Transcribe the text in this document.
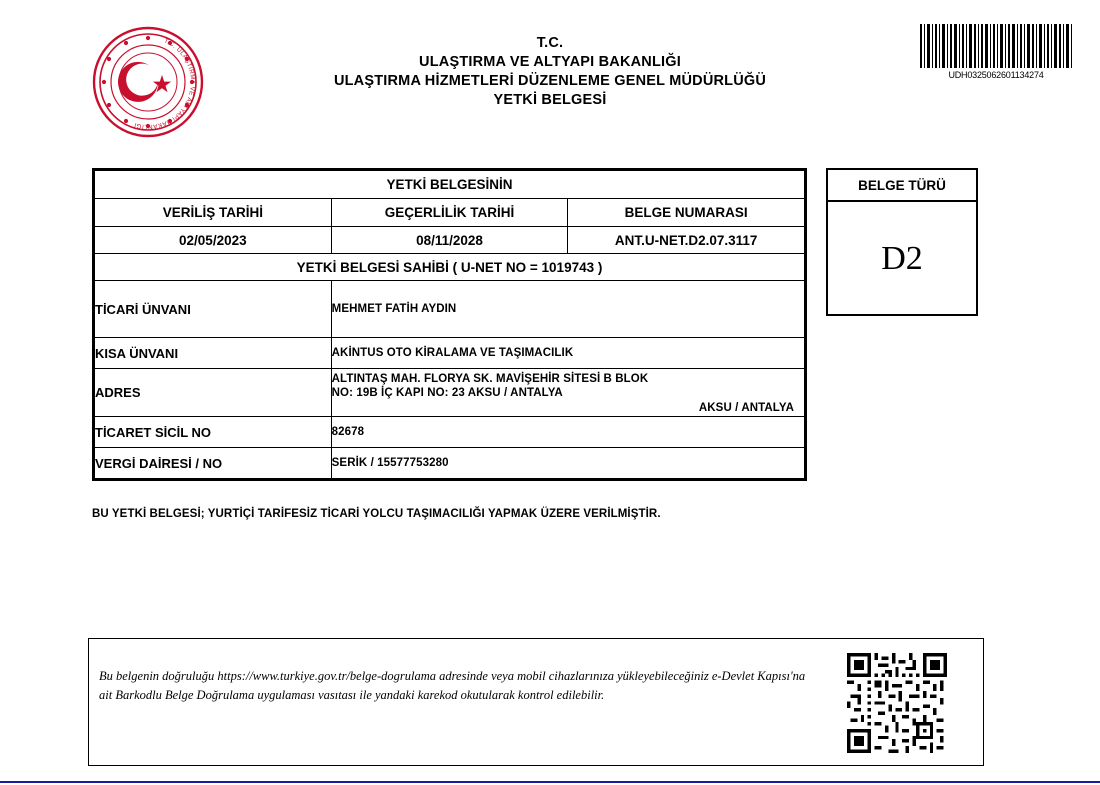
T.C. ULAŞTIRMA VE ALTYAPI BAKANLIĞI
T.C.
ULAŞTIRMA VE ALTYAPI BAKANLIĞI
ULAŞTIRMA HİZMETLERİ DÜZENLEME GENEL MÜDÜRLÜĞÜ
YETKİ BELGESİ
UDH0325062601134274
YETKİ BELGESİNİN		
VERİLİŞ TARİHİ	GEÇERLİLİK TARİHİ	BELGE NUMARASI
02/05/2023	08/11/2028	ANT.U-NET.D2.07.3117
YETKİ BELGESİ SAHİBİ ( U-NET NO = 1019743 )		
TİCARİ ÜNVANI	MEHMET FATİH AYDIN	
KISA ÜNVANI	AKİNTUS OTO KİRALAMA VE TAŞIMACILIK	
ADRES	ALTINTAŞ MAH. FLORYA SK. MAVİŞEHİR SİTESİ B BLOK
NO: 19B İÇ KAPI NO: 23 AKSU / ANTALYA
AKSU / ANTALYA	

TİCARET SİCİL NO	82678	
VERGİ DAİRESİ / NO	SERİK / 15577753280	
BELGE TÜRÜ
D2
BU YETKİ BELGESİ; YURTİÇİ TARİFESİZ TİCARİ YOLCU TAŞIMACILIĞI YAPMAK ÜZERE VERİLMİŞTİR.
Bu belgenin doğruluğu https://www.turkiye.gov.tr/belge-dogrulama adresinde veya mobil cihazlarınıza yükleyebileceğiniz e-Devlet Kapısı'na ait Barkodlu Belge Doğrulama uygulaması vasıtası ile yandaki karekod okutularak kontrol edilebilir.
